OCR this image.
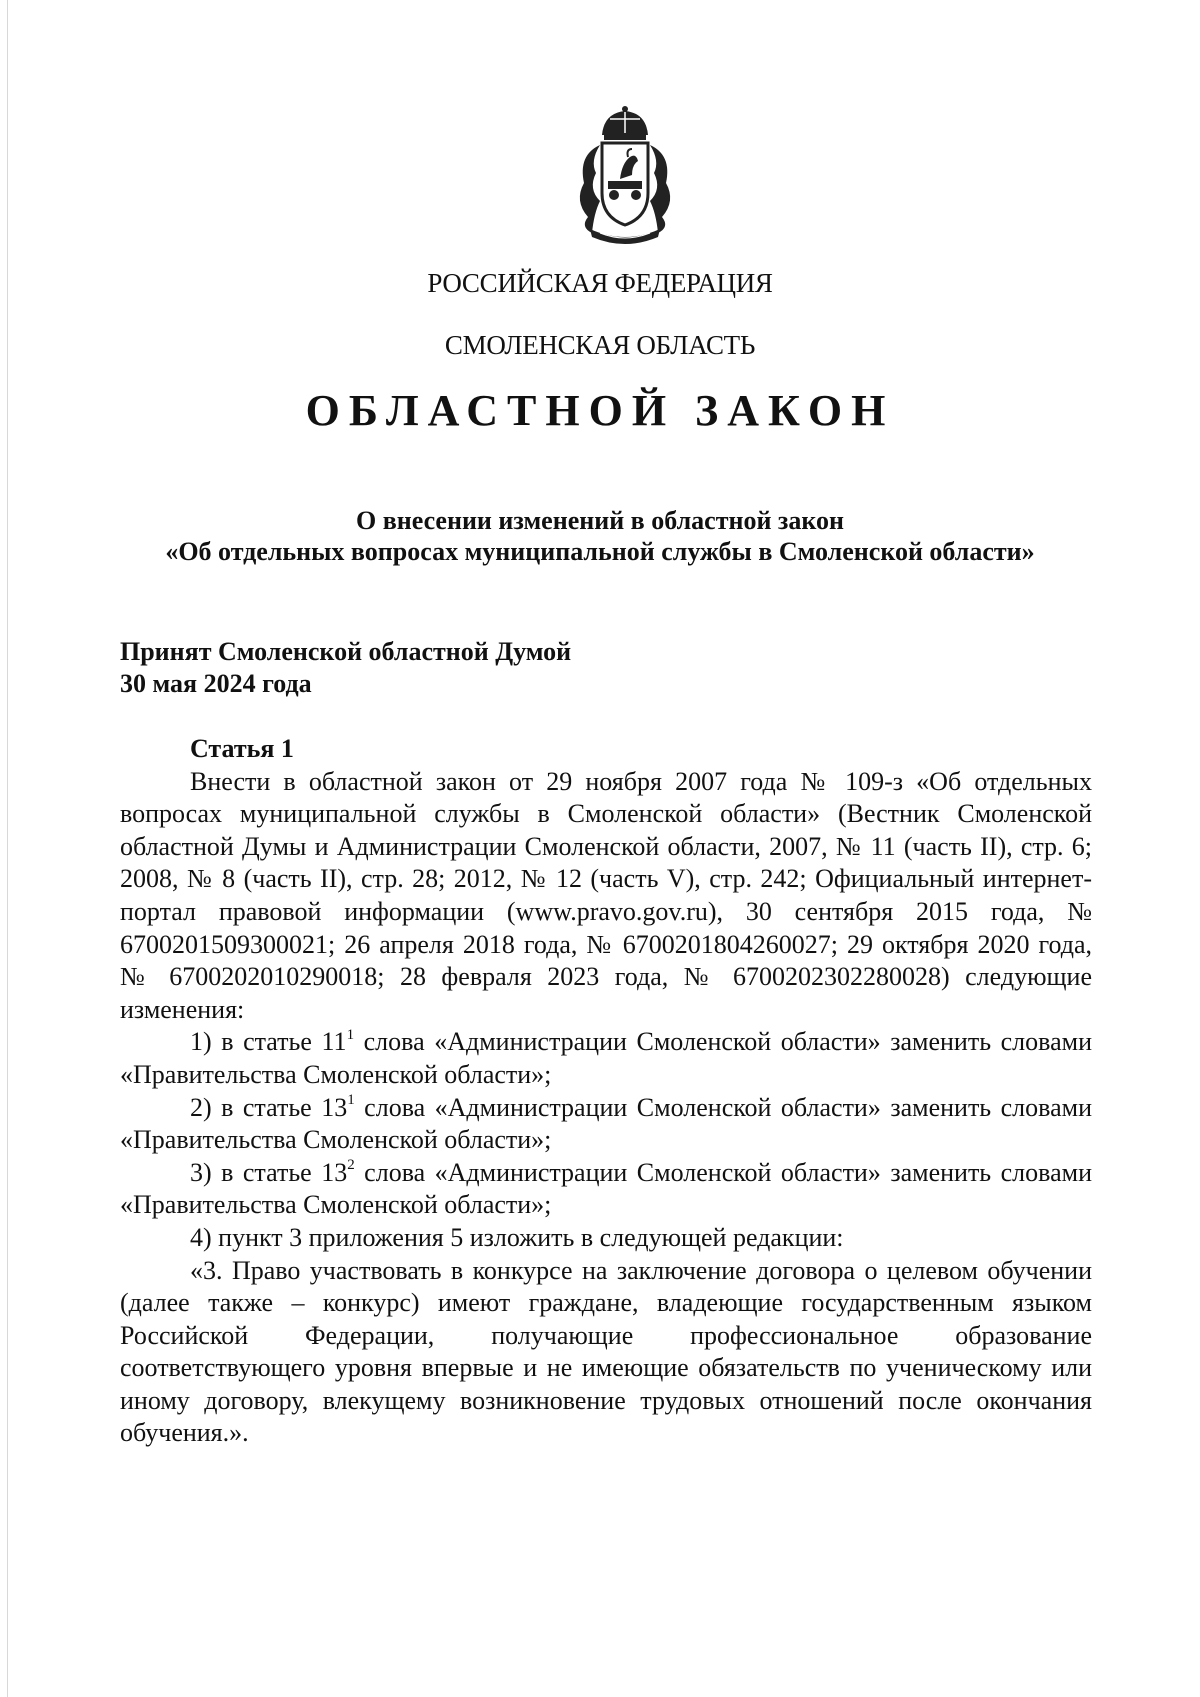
РОССИЙСКАЯ ФЕДЕРАЦИЯ
СМОЛЕНСКАЯ ОБЛАСТЬ
ОБЛАСТНОЙ ЗАКОН
О внесении изменений в областной закон
«Об отдельных вопросах муниципальной службы в Смоленской области»
Принят Смоленской областной Думой
30 мая 2024 года
Статья 1

Внести в областной закон от 29 ноября 2007 года № 109-з «Об отдельных вопросах муниципальной службы в Смоленской области» (Вестник Смоленской областной Думы и Администрации Смоленской области, 2007, № 11 (часть II), стр. 6; 2008, № 8 (часть II), стр. 28; 2012, № 12 (часть V), стр. 242; Официальный интернет-портал правовой информации (www.pravo.gov.ru), 30 сентября 2015 года, № 6700201509300021; 26 апреля 2018 года, № 6700201804260027; 29 октября 2020 года, № 6700202010290018; 28 февраля 2023 года, № 6700202302280028) следующие изменения:

1) в статье $11^1$ слова «Администрации Смоленской области» заменить словами «Правительства Смоленской области»;

2) в статье $13^1$ слова «Администрации Смоленской области» заменить словами «Правительства Смоленской области»;

3) в статье $13^2$ слова «Администрации Смоленской области» заменить словами «Правительства Смоленской области»;

4) пункт 3 приложения 5 изложить в следующей редакции:

«3. Право участвовать в конкурсе на заключение договора о целевом обучении (далее также – конкурс) имеют граждане, владеющие государственным языком Российской Федерации, получающие профессиональное образование соответствующего уровня впервые и не имеющие обязательств по ученическому или иному договору, влекущему возникновение трудовых отношений после окончания обучения.».
